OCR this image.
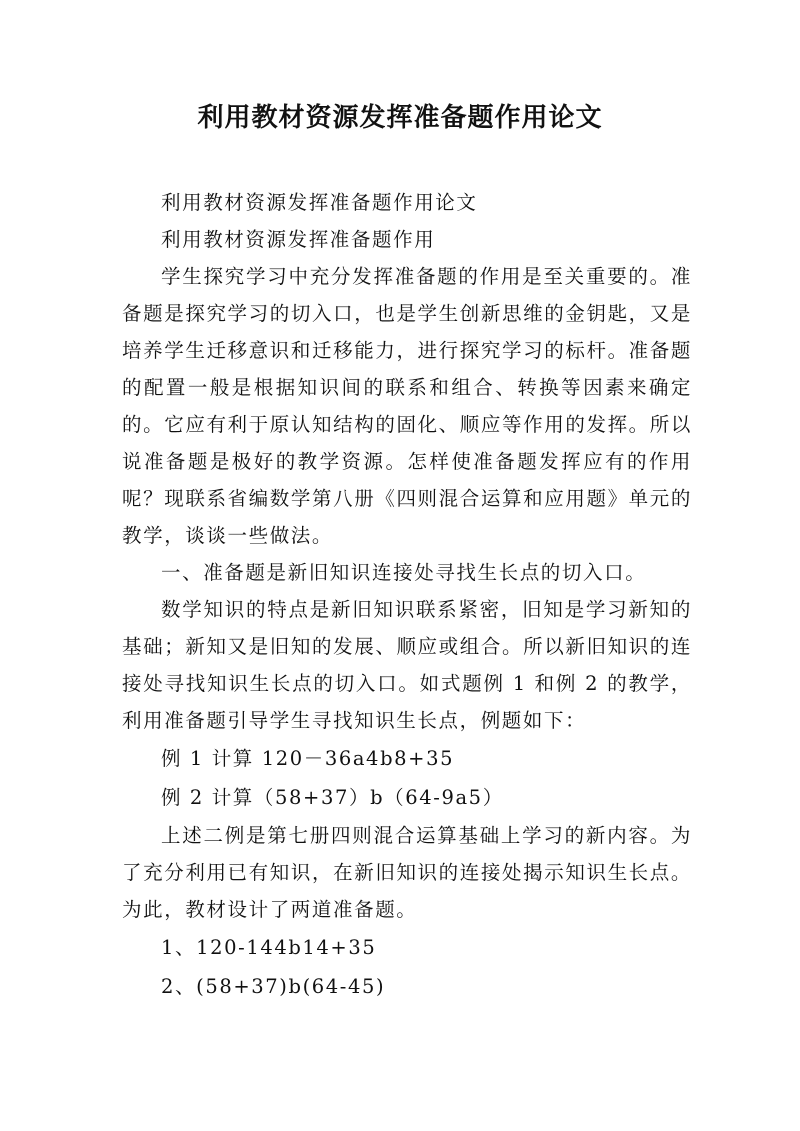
利用教材资源发挥准备题作用论文

利用教材资源发挥准备题作用论文

利用教材资源发挥准备题作用

学生探究学习中充分发挥准备题的作用是至关重要的。准备题是探究学习的切入口，也是学生创新思维的金钥匙，又是培养学生迁移意识和迁移能力，进行探究学习的标杆。准备题的配置一般是根据知识间的联系和组合、转换等因素来确定的。它应有利于原认知结构的固化、顺应等作用的发挥。所以说准备题是极好的教学资源。怎样使准备题发挥应有的作用呢？现联系省编数学第八册《四则混合运算和应用题》单元的教学，谈谈一些做法。

一、准备题是新旧知识连接处寻找生长点的切入口。

数学知识的特点是新旧知识联系紧密，旧知是学习新知的基础；新知又是旧知的发展、顺应或组合。所以新旧知识的连接处寻找知识生长点的切入口。如式题例 1 和例 2 的教学，利用准备题引导学生寻找知识生长点，例题如下：

例 1 计算 120－36a4b8+35

例 2 计算（58+37）b（64-9a5）

上述二例是第七册四则混合运算基础上学习的新内容。为了充分利用已有知识，在新旧知识的连接处揭示知识生长点。为此，教材设计了两道准备题。

1、120-144b14+35

2、(58+37)b(64-45)
